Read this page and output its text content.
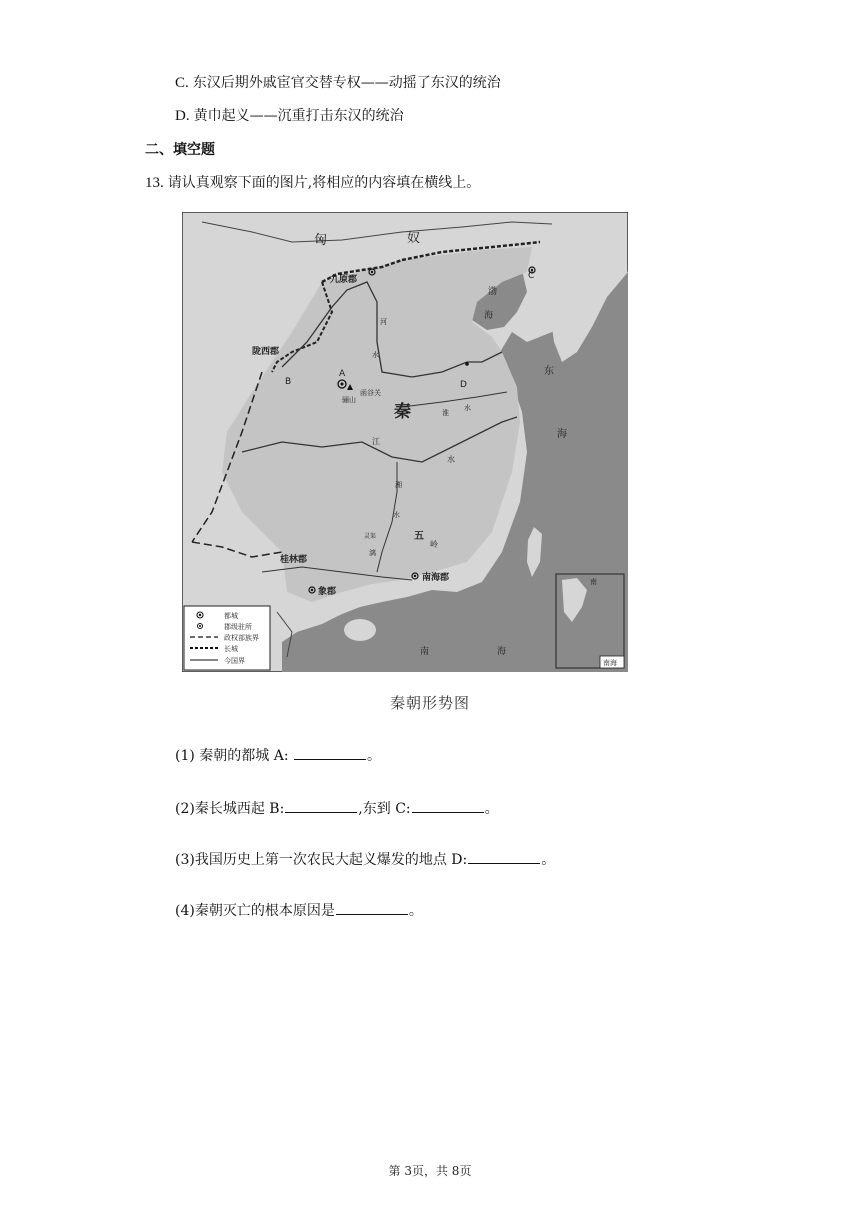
C. 东汉后期外戚宦官交替专权——动摇了东汉的统治
D. 黄巾起义——沉重打击东汉的统治
二、填空题
13. 请认真观察下面的图片,将相应的内容填在横线上。
匈	奴
九原郡
陇西郡
A
B
C
D
骊山
函谷关
秦
渤
海
东
海
河
水
江
水
湘
水
灵渠
漓
五
岭
桂林郡
象郡
南海郡
南	海
淮
水
南
南海
都城
郡级驻所
政权部族界
长城
今国界
秦朝形势图
(1) 秦朝的都城 A:	。
(2)秦长城西起 B:	,东到 C:	。
(3)我国历史上第一次农民大起义爆发的地点 D:	。
(4)秦朝灭亡的根本原因是	。
第 3页，共 8页
